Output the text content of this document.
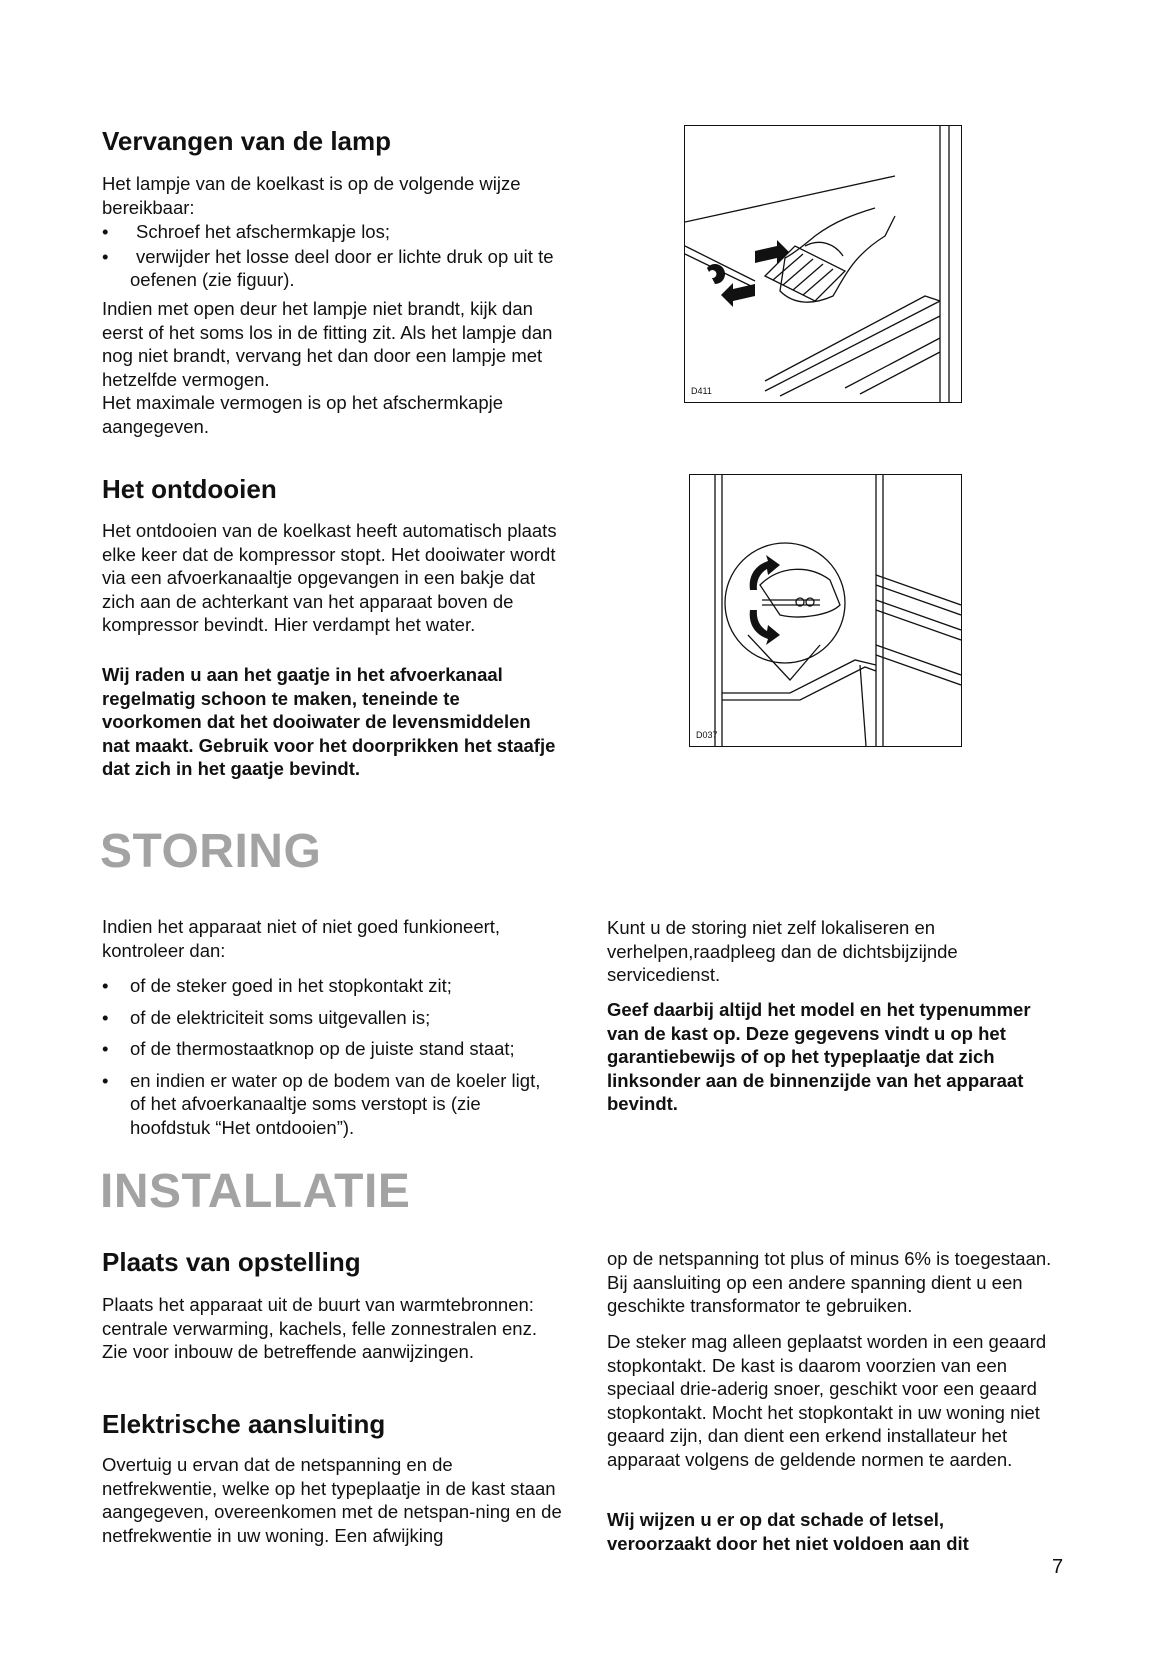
Vervangen van de lamp

Het lampje van de koelkast is op de volgende wijze bereikbaar:

• Schroef het afschermkapje los;
• verwijder het losse deel door er lichte druk op uit te oefenen (zie figuur).

Indien met open deur het lampje niet brandt, kijk dan eerst of het soms los in de fitting zit. Als het lampje dan nog niet brandt, vervang het dan door een lampje met hetzelfde vermogen.

Het maximale vermogen is op het afschermkapje aangegeven.

D411
Het ontdooien

Het ontdooien van de koelkast heeft automatisch plaats elke keer dat de kompressor stopt. Het dooiwater wordt via een afvoerkanaaltje opgevangen in een bakje dat zich aan de achterkant van het apparaat boven de kompressor bevindt. Hier verdampt het water.

Wij raden u aan het gaatje in het afvoerkanaal regelmatig schoon te maken, teneinde te voorkomen dat het dooiwater de levensmiddelen nat maakt. Gebruik voor het doorprikken het staafje dat zich in het gaatje bevindt.

D037
STORING

Indien het apparaat niet of niet goed funkioneert, kontroleer dan:

• of de steker goed in het stopkontakt zit;
• of de elektriciteit soms uitgevallen is;
• of de thermostaatknop op de juiste stand staat;
• en indien er water op de bodem van de koeler ligt, of het afvoerkanaaltje soms verstopt is (zie hoofdstuk “Het ontdooien”).

Kunt u de storing niet zelf lokaliseren en verhelpen,raadpleeg dan de dichtsbijzijnde servicedienst.

Geef daarbij altijd het model en het typenummer van de kast op. Deze gegevens vindt u op het garantiebewijs of op het typeplaatje dat zich linksonder aan de binnenzijde van het apparaat bevindt.

INSTALLATIE
Plaats van opstelling

Plaats het apparaat uit de buurt van warmtebronnen: centrale verwarming, kachels, felle zonnestralen enz. Zie voor inbouw de betreffende aanwijzingen.

Elektrische aansluiting

Overtuig u ervan dat de netspanning en de netfrekwentie, welke op het typeplaatje in de kast staan aangegeven, overeenkomen met de netspan-ning en de netfrekwentie in uw woning. Een afwijking

op de netspanning tot plus of minus 6% is toegestaan. Bij aansluiting op een andere spanning dient u een geschikte transformator te gebruiken.

De steker mag alleen geplaatst worden in een geaard stopkontakt. De kast is daarom voorzien van een speciaal drie-aderig snoer, geschikt voor een geaard stopkontakt. Mocht het stopkontakt in uw woning niet geaard zijn, dan dient een erkend installateur het apparaat volgens de geldende normen te aarden.

Wij wijzen u er op dat schade of letsel, veroorzaakt door het niet voldoen aan dit

7
